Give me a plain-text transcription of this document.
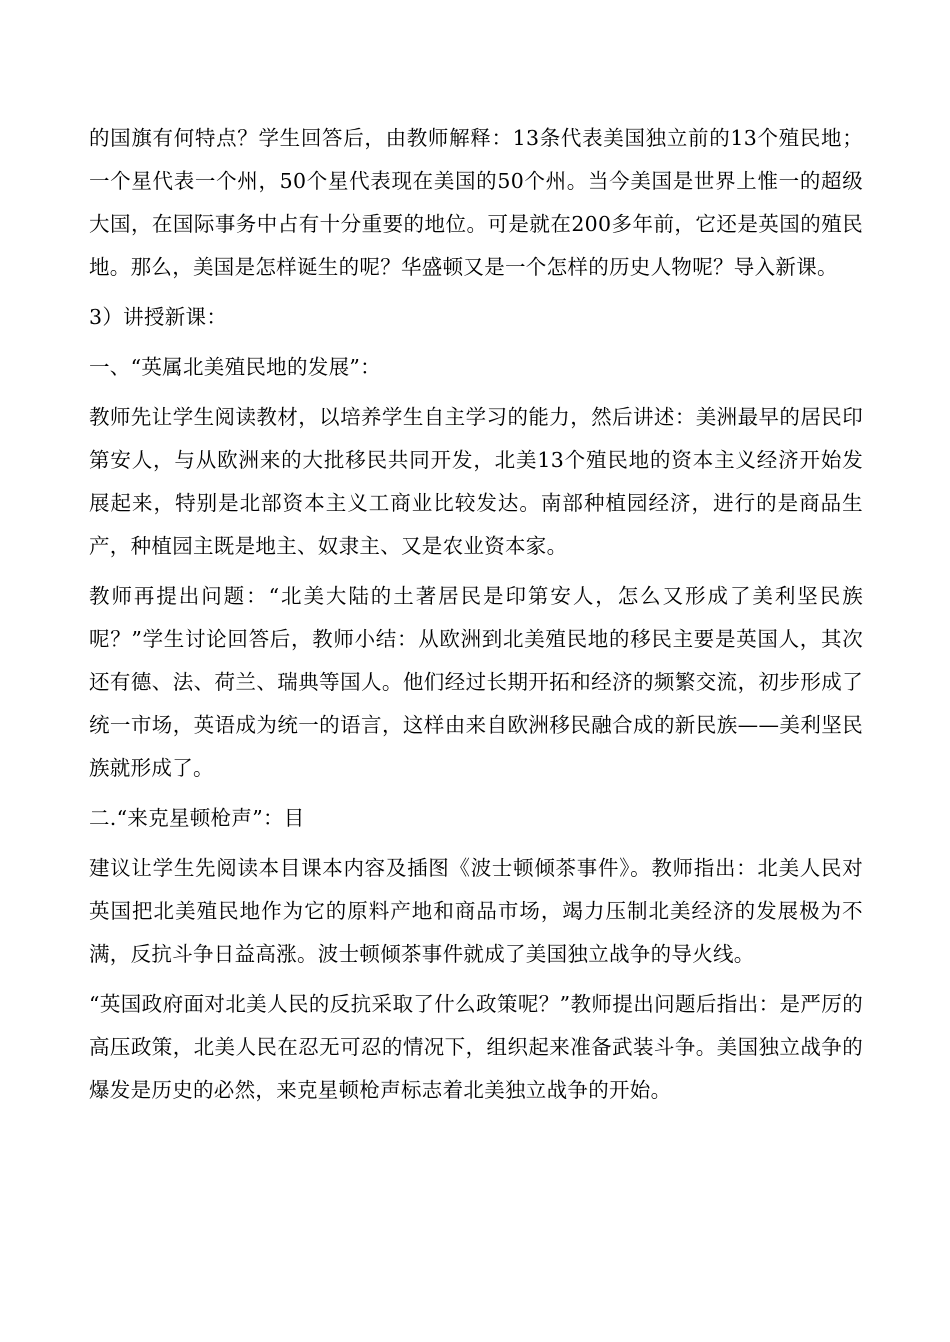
的国旗有何特点？学生回答后，由教师解释：13条代表美国独立前的13个殖民地；一个星代表一个州，50个星代表现在美国的50个州。当今美国是世界上惟一的超级大国，在国际事务中占有十分重要的地位。可是就在200多年前，它还是英国的殖民地。那么，美国是怎样诞生的呢？华盛顿又是一个怎样的历史人物呢？导入新课。

3）讲授新课：

一、“英属北美殖民地的发展”：

教师先让学生阅读教材，以培养学生自主学习的能力，然后讲述：美洲最早的居民印第安人，与从欧洲来的大批移民共同开发，北美13个殖民地的资本主义经济开始发展起来，特别是北部资本主义工商业比较发达。南部种植园经济，进行的是商品生产，种植园主既是地主、奴隶主、又是农业资本家。

教师再提出问题：“北美大陆的土著居民是印第安人，怎么又形成了美利坚民族呢？”学生讨论回答后，教师小结：从欧洲到北美殖民地的移民主要是英国人，其次还有德、法、荷兰、瑞典等国人。他们经过长期开拓和经济的频繁交流，初步形成了统一市场，英语成为统一的语言，这样由来自欧洲移民融合成的新民族——美利坚民族就形成了。

二.“来克星顿枪声”：目

建议让学生先阅读本目课本内容及插图《波士顿倾茶事件》。教师指出：北美人民对英国把北美殖民地作为它的原料产地和商品市场，竭力压制北美经济的发展极为不满，反抗斗争日益高涨。波士顿倾茶事件就成了美国独立战争的导火线。

“英国政府面对北美人民的反抗采取了什么政策呢？”教师提出问题后指出：是严厉的高压政策，北美人民在忍无可忍的情况下，组织起来准备武装斗争。美国独立战争的爆发是历史的必然，来克星顿枪声标志着北美独立战争的开始。
